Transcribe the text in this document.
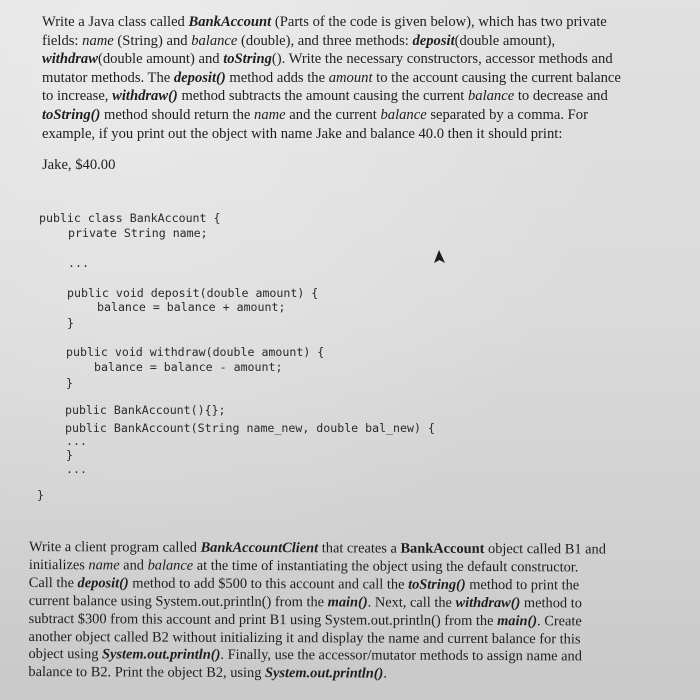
Write a Java class called BankAccount (Parts of the code is given below), which has two private
fields: name (String) and balance (double), and three methods: deposit(double amount),
withdraw(double amount) and toString(). Write the necessary constructors, accessor methods and
mutator methods. The deposit() method adds the amount to the account causing the current balance
to increase, withdraw() method subtracts the amount causing the current balance to decrease and
toString() method should return the name and the current balance separated by a comma. For
example, if you print out the object with name Jake and balance 40.0 then it should print:

Jake, $40.00

public class BankAccount {
private String name;
...
public void deposit(double amount) {
balance = balance + amount;
}
public void withdraw(double amount) {
balance = balance - amount;
}
public BankAccount(){};
public BankAccount(String name_new, double bal_new) {
...
}
...
}
Write a client program called BankAccountClient that creates a BankAccount object called B1 and
initializes name and balance at the time of instantiating the object using the default constructor.
Call the deposit() method to add $500 to this account and call the toString() method to print the
current balance using System.out.println() from the main(). Next, call the withdraw() method to
subtract $300 from this account and print B1 using System.out.println() from the main(). Create
another object called B2 without initializing it and display the name and current balance for this
object using System.out.println(). Finally, use the accessor/mutator methods to assign name and
balance to B2. Print the object B2, using System.out.println().
